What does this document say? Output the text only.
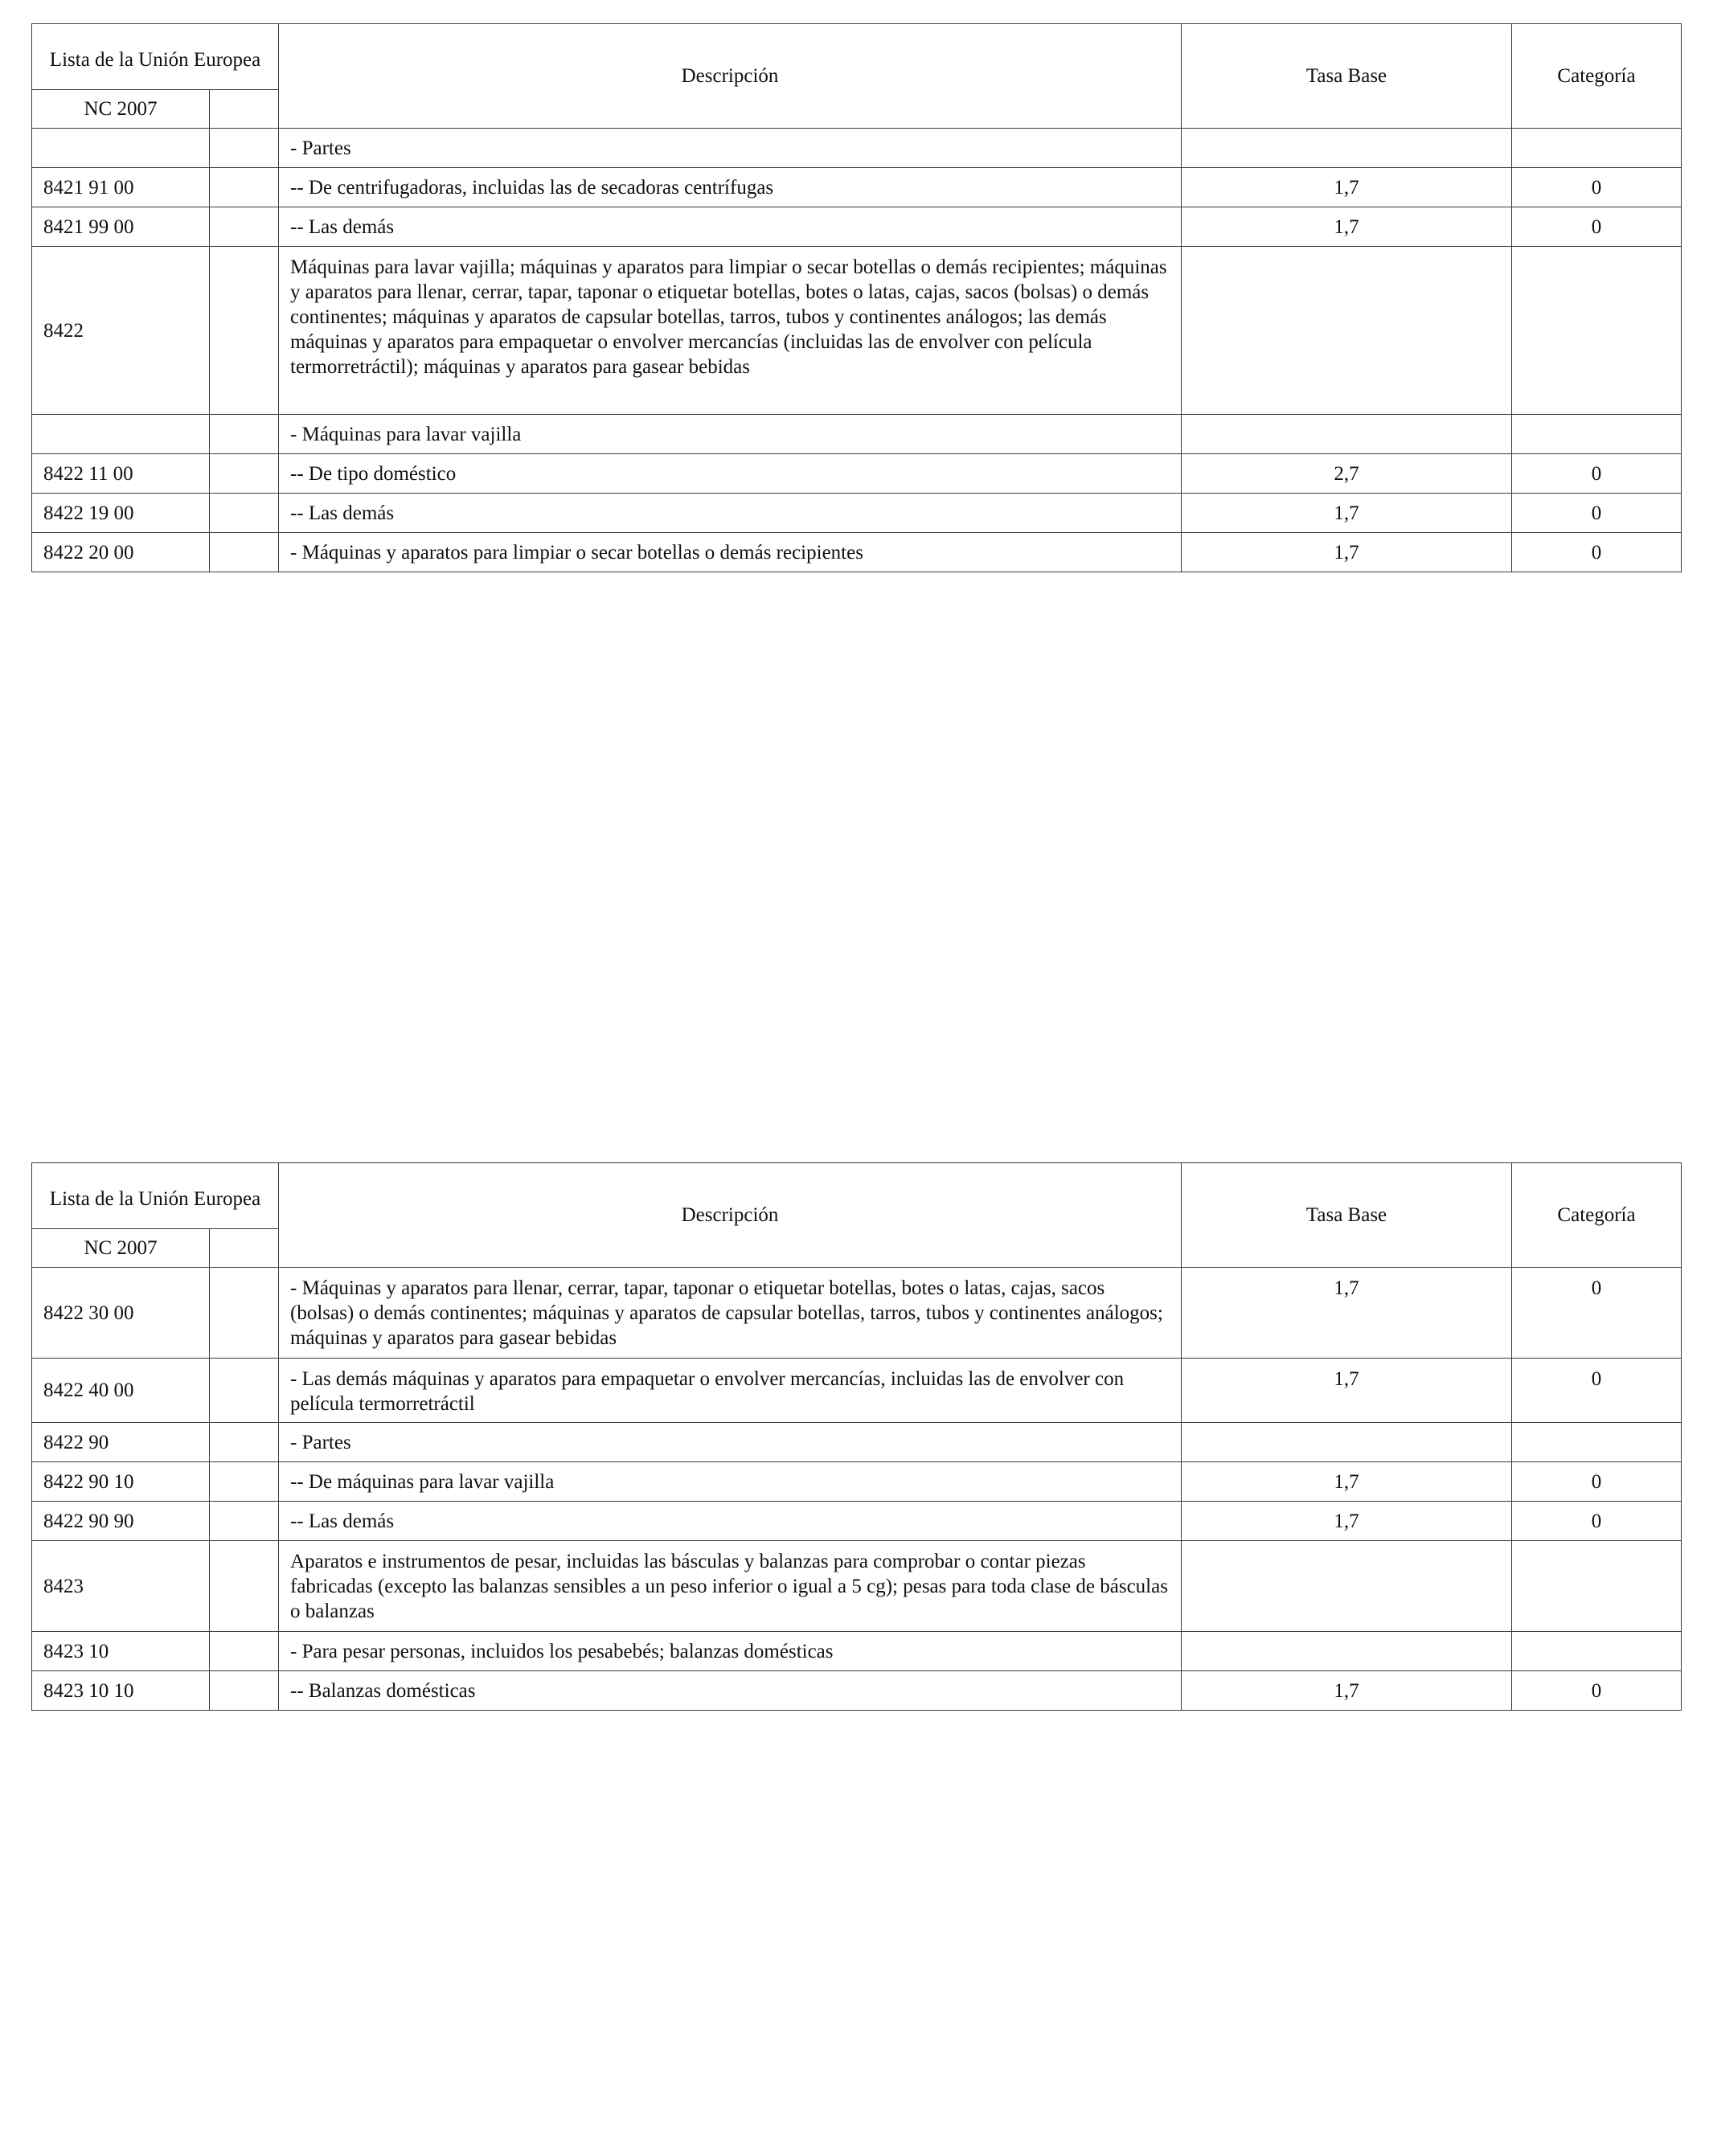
Lista de la Unión Europea		Descripción	Tasa Base	Categoría
NC 2007				
		- Partes		
8421 91 00		-- De centrifugadoras, incluidas las de secadoras centrífugas	1,7	0
8421 99 00		-- Las demás	1,7	0
8422		Máquinas para lavar vajilla; máquinas y aparatos para limpiar o secar botellas o demás recipientes; máquinas y aparatos para llenar, cerrar, tapar, taponar o etiquetar botellas, botes o latas, cajas, sacos (bolsas) o demás continentes; máquinas y aparatos de capsular botellas, tarros, tubos y continentes análogos; las demás máquinas y aparatos para empaquetar o envolver mercancías (incluidas las de envolver con película termorretráctil); máquinas y aparatos para gasear bebidas		
		- Máquinas para lavar vajilla		
8422 11 00		-- De tipo doméstico	2,7	0
8422 19 00		-- Las demás	1,7	0
8422 20 00		- Máquinas y aparatos para limpiar o secar botellas o demás recipientes	1,7	0
Lista de la Unión Europea		Descripción	Tasa Base	Categoría
NC 2007				
8422 30 00		- Máquinas y aparatos para llenar, cerrar, tapar, taponar o etiquetar botellas, botes o latas, cajas, sacos (bolsas) o demás continentes; máquinas y aparatos de capsular botellas, tarros, tubos y continentes análogos; máquinas y aparatos para gasear bebidas	1,7	0
8422 40 00		- Las demás máquinas y aparatos para empaquetar o envolver mercancías, incluidas las de envolver con película termorretráctil	1,7	0
8422 90		- Partes		
8422 90 10		-- De máquinas para lavar vajilla	1,7	0
8422 90 90		-- Las demás	1,7	0
8423		Aparatos e instrumentos de pesar, incluidas las básculas y balanzas para comprobar o contar piezas fabricadas (excepto las balanzas sensibles a un peso inferior o igual a 5 cg); pesas para toda clase de básculas o balanzas		
8423 10		- Para pesar personas, incluidos los pesabebés; balanzas domésticas		
8423 10 10		-- Balanzas domésticas	1,7	0
